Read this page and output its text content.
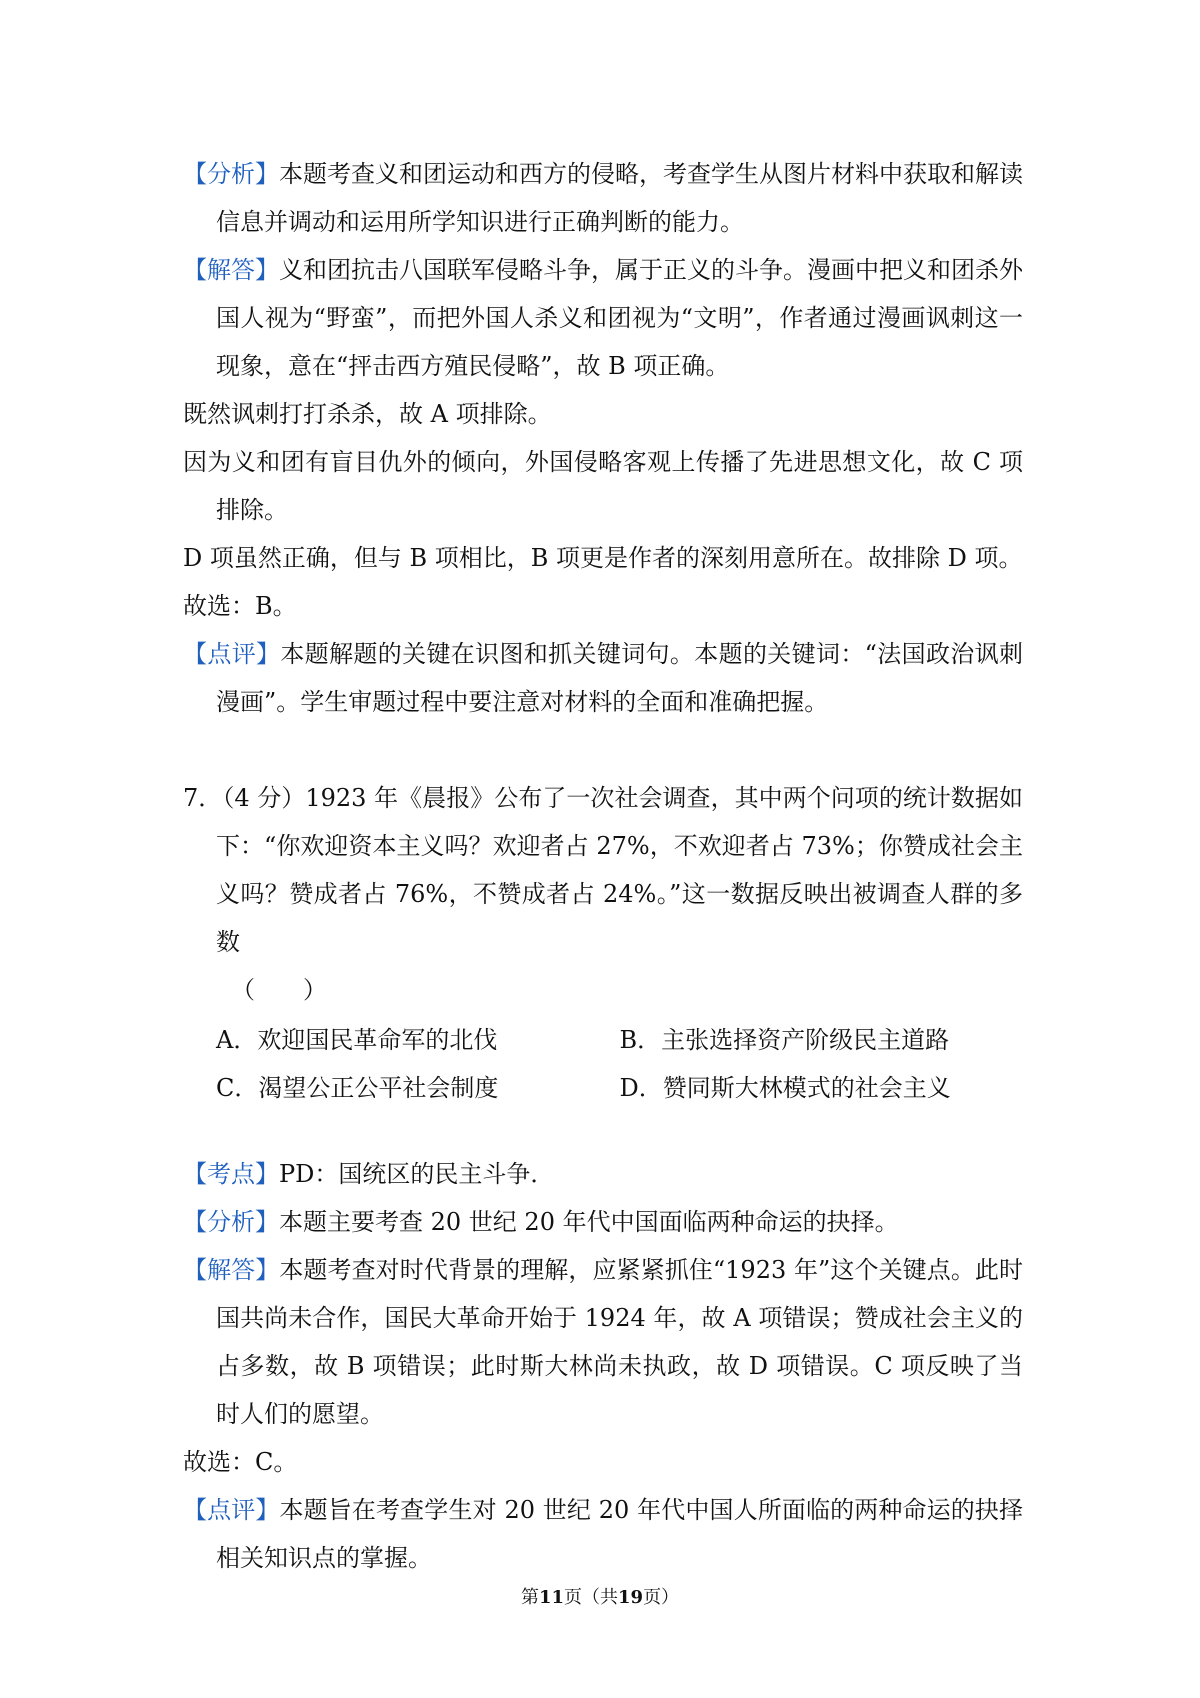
【分析】本题考查义和团运动和西方的侵略，考查学生从图片材料中获取和解读信息并调动和运用所学知识进行正确判断的能力。

【解答】义和团抗击八国联军侵略斗争，属于正义的斗争。漫画中把义和团杀外国人视为“野蛮”，而把外国人杀义和团视为“文明”，作者通过漫画讽刺这一现象，意在“抨击西方殖民侵略”，故 B 项正确。

既然讽刺打打杀杀，故 A 项排除。

因为义和团有盲目仇外的倾向，外国侵略客观上传播了先进思想文化，故 C 项排除。

D 项虽然正确，但与 B 项相比，B 项更是作者的深刻用意所在。故排除 D 项。

故选：B。

【点评】本题解题的关键在识图和抓关键词句。本题的关键词：“法国政治讽刺漫画”。学生审题过程中要注意对材料的全面和准确把握。

7．（4 分）1923 年《晨报》公布了一次社会调查，其中两个问项的统计数据如下：“你欢迎资本主义吗？欢迎者占 27%，不欢迎者占 73%；你赞成社会主义吗？赞成者占 76%，不赞成者占 24%。”这一数据反映出被调查人群的多数

（　　）

A．欢迎国民革命军的北伐	B．主张选择资产阶级民主道路
C．渴望公正公平社会制度	D．赞同斯大林模式的社会主义

【考点】PD：国统区的民主斗争．

【分析】本题主要考查 20 世纪 20 年代中国面临两种命运的抉择。

【解答】本题考查对时代背景的理解，应紧紧抓住“1923 年”这个关键点。此时国共尚未合作，国民大革命开始于 1924 年，故 A 项错误；赞成社会主义的占多数，故 B 项错误；此时斯大林尚未执政，故 D 项错误。C 项反映了当时人们的愿望。

故选：C。

【点评】本题旨在考查学生对 20 世纪 20 年代中国人所面临的两种命运的抉择相关知识点的掌握。

第11页（共19页）
